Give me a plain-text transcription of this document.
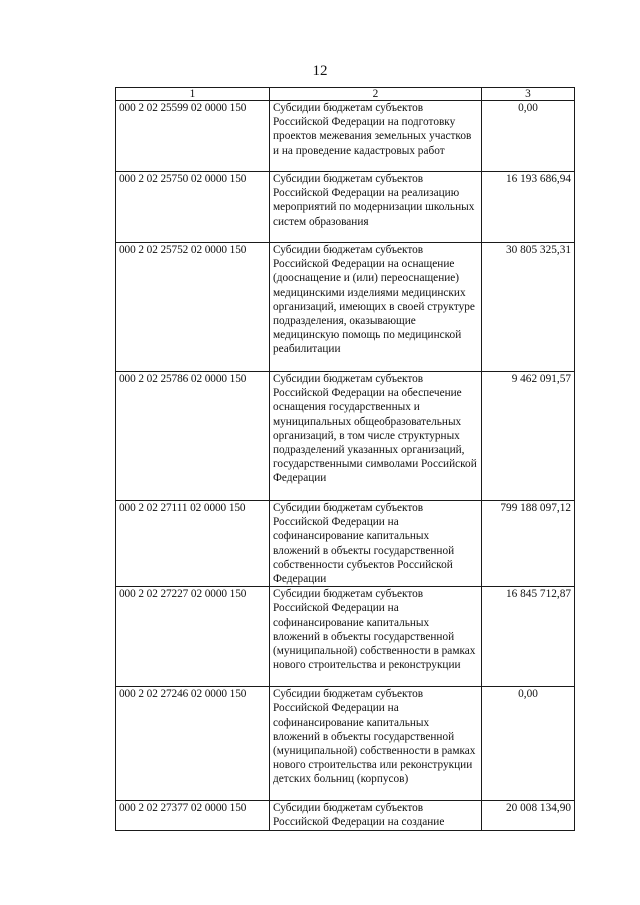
12
1	2	3
000 2 02 25599 02 0000 150	Субсидии бюджетам субъектов Российской Федерации на подготовку проектов межевания земельных участков и на проведение кадастровых работ	0,00
000 2 02 25750 02 0000 150	Субсидии бюджетам субъектов Российской Федерации на реализацию мероприятий по модернизации школьных систем образования	16 193 686,94
000 2 02 25752 02 0000 150	Субсидии бюджетам субъектов Российской Федерации на оснащение (дооснащение и (или) переоснащение) медицинскими изделиями медицинских организаций, имеющих в своей структуре подразделения, оказывающие медицинскую помощь по медицинской реабилитации	30 805 325,31
000 2 02 25786 02 0000 150	Субсидии бюджетам субъектов Российской Федерации на обеспечение оснащения государственных и муниципальных общеобразовательных организаций, в том числе структурных подразделений указанных организаций, государственными символами Российской Федерации	9 462 091,57
000 2 02 27111 02 0000 150	Субсидии бюджетам субъектов Российской Федерации на софинансирование капитальных вложений в объекты государственной собственности субъектов Российской Федерации	799 188 097,12
000 2 02 27227 02 0000 150	Субсидии бюджетам субъектов Российской Федерации на софинансирование капитальных вложений в объекты государственной (муниципальной) собственности в рамках нового строительства и реконструкции	16 845 712,87
000 2 02 27246 02 0000 150	Субсидии бюджетам субъектов Российской Федерации на софинансирование капитальных вложений в объекты государственной (муниципальной) собственности в рамках нового строительства или реконструкции детских больниц (корпусов)	0,00
000 2 02 27377 02 0000 150	Субсидии бюджетам субъектов Российской Федерации на создание	20 008 134,90
